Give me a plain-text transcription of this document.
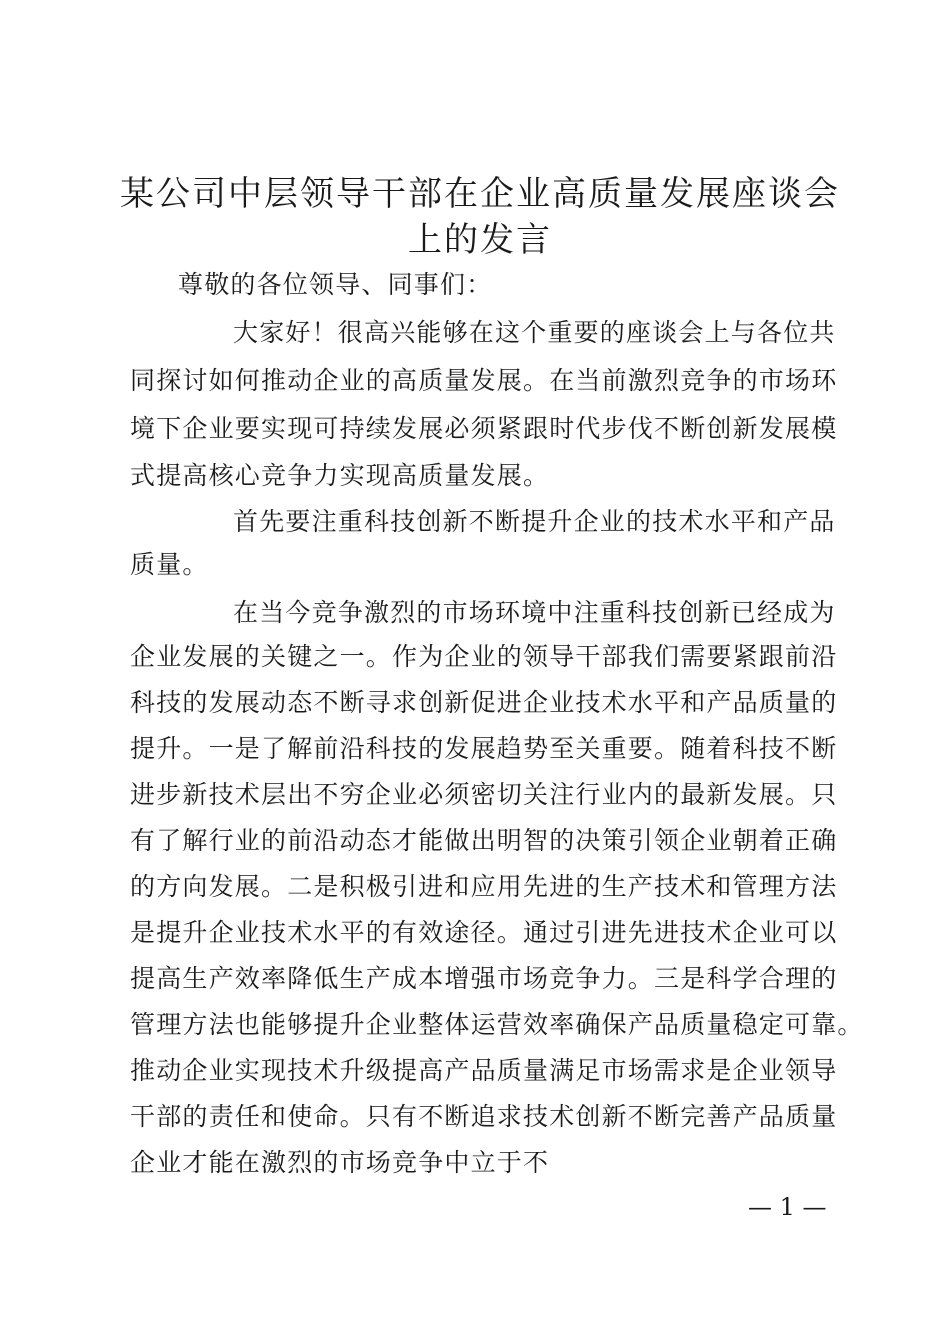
某公司中层领导干部在企业高质量发展座谈会
上的发言
尊敬的各位领导、同事们：
大家好！很高兴能够在这个重要的座谈会上与各位共
同探讨如何推动企业的高质量发展。在当前激烈竞争的市场环
境下企业要实现可持续发展必须紧跟时代步伐不断创新发展模
式提高核心竞争力实现高质量发展。
首先要注重科技创新不断提升企业的技术水平和产品
质量。
在当今竞争激烈的市场环境中注重科技创新已经成为
企业发展的关键之一。作为企业的领导干部我们需要紧跟前沿
科技的发展动态不断寻求创新促进企业技术水平和产品质量的
提升。一是了解前沿科技的发展趋势至关重要。随着科技不断
进步新技术层出不穷企业必须密切关注行业内的最新发展。只
有了解行业的前沿动态才能做出明智的决策引领企业朝着正确
的方向发展。二是积极引进和应用先进的生产技术和管理方法
是提升企业技术水平的有效途径。通过引进先进技术企业可以
提高生产效率降低生产成本增强市场竞争力。三是科学合理的
管理方法也能够提升企业整体运营效率确保产品质量稳定可靠。
推动企业实现技术升级提高产品质量满足市场需求是企业领导
干部的责任和使命。只有不断追求技术创新不断完善产品质量
企业才能在激烈的市场竞争中立于不
— 1 —
